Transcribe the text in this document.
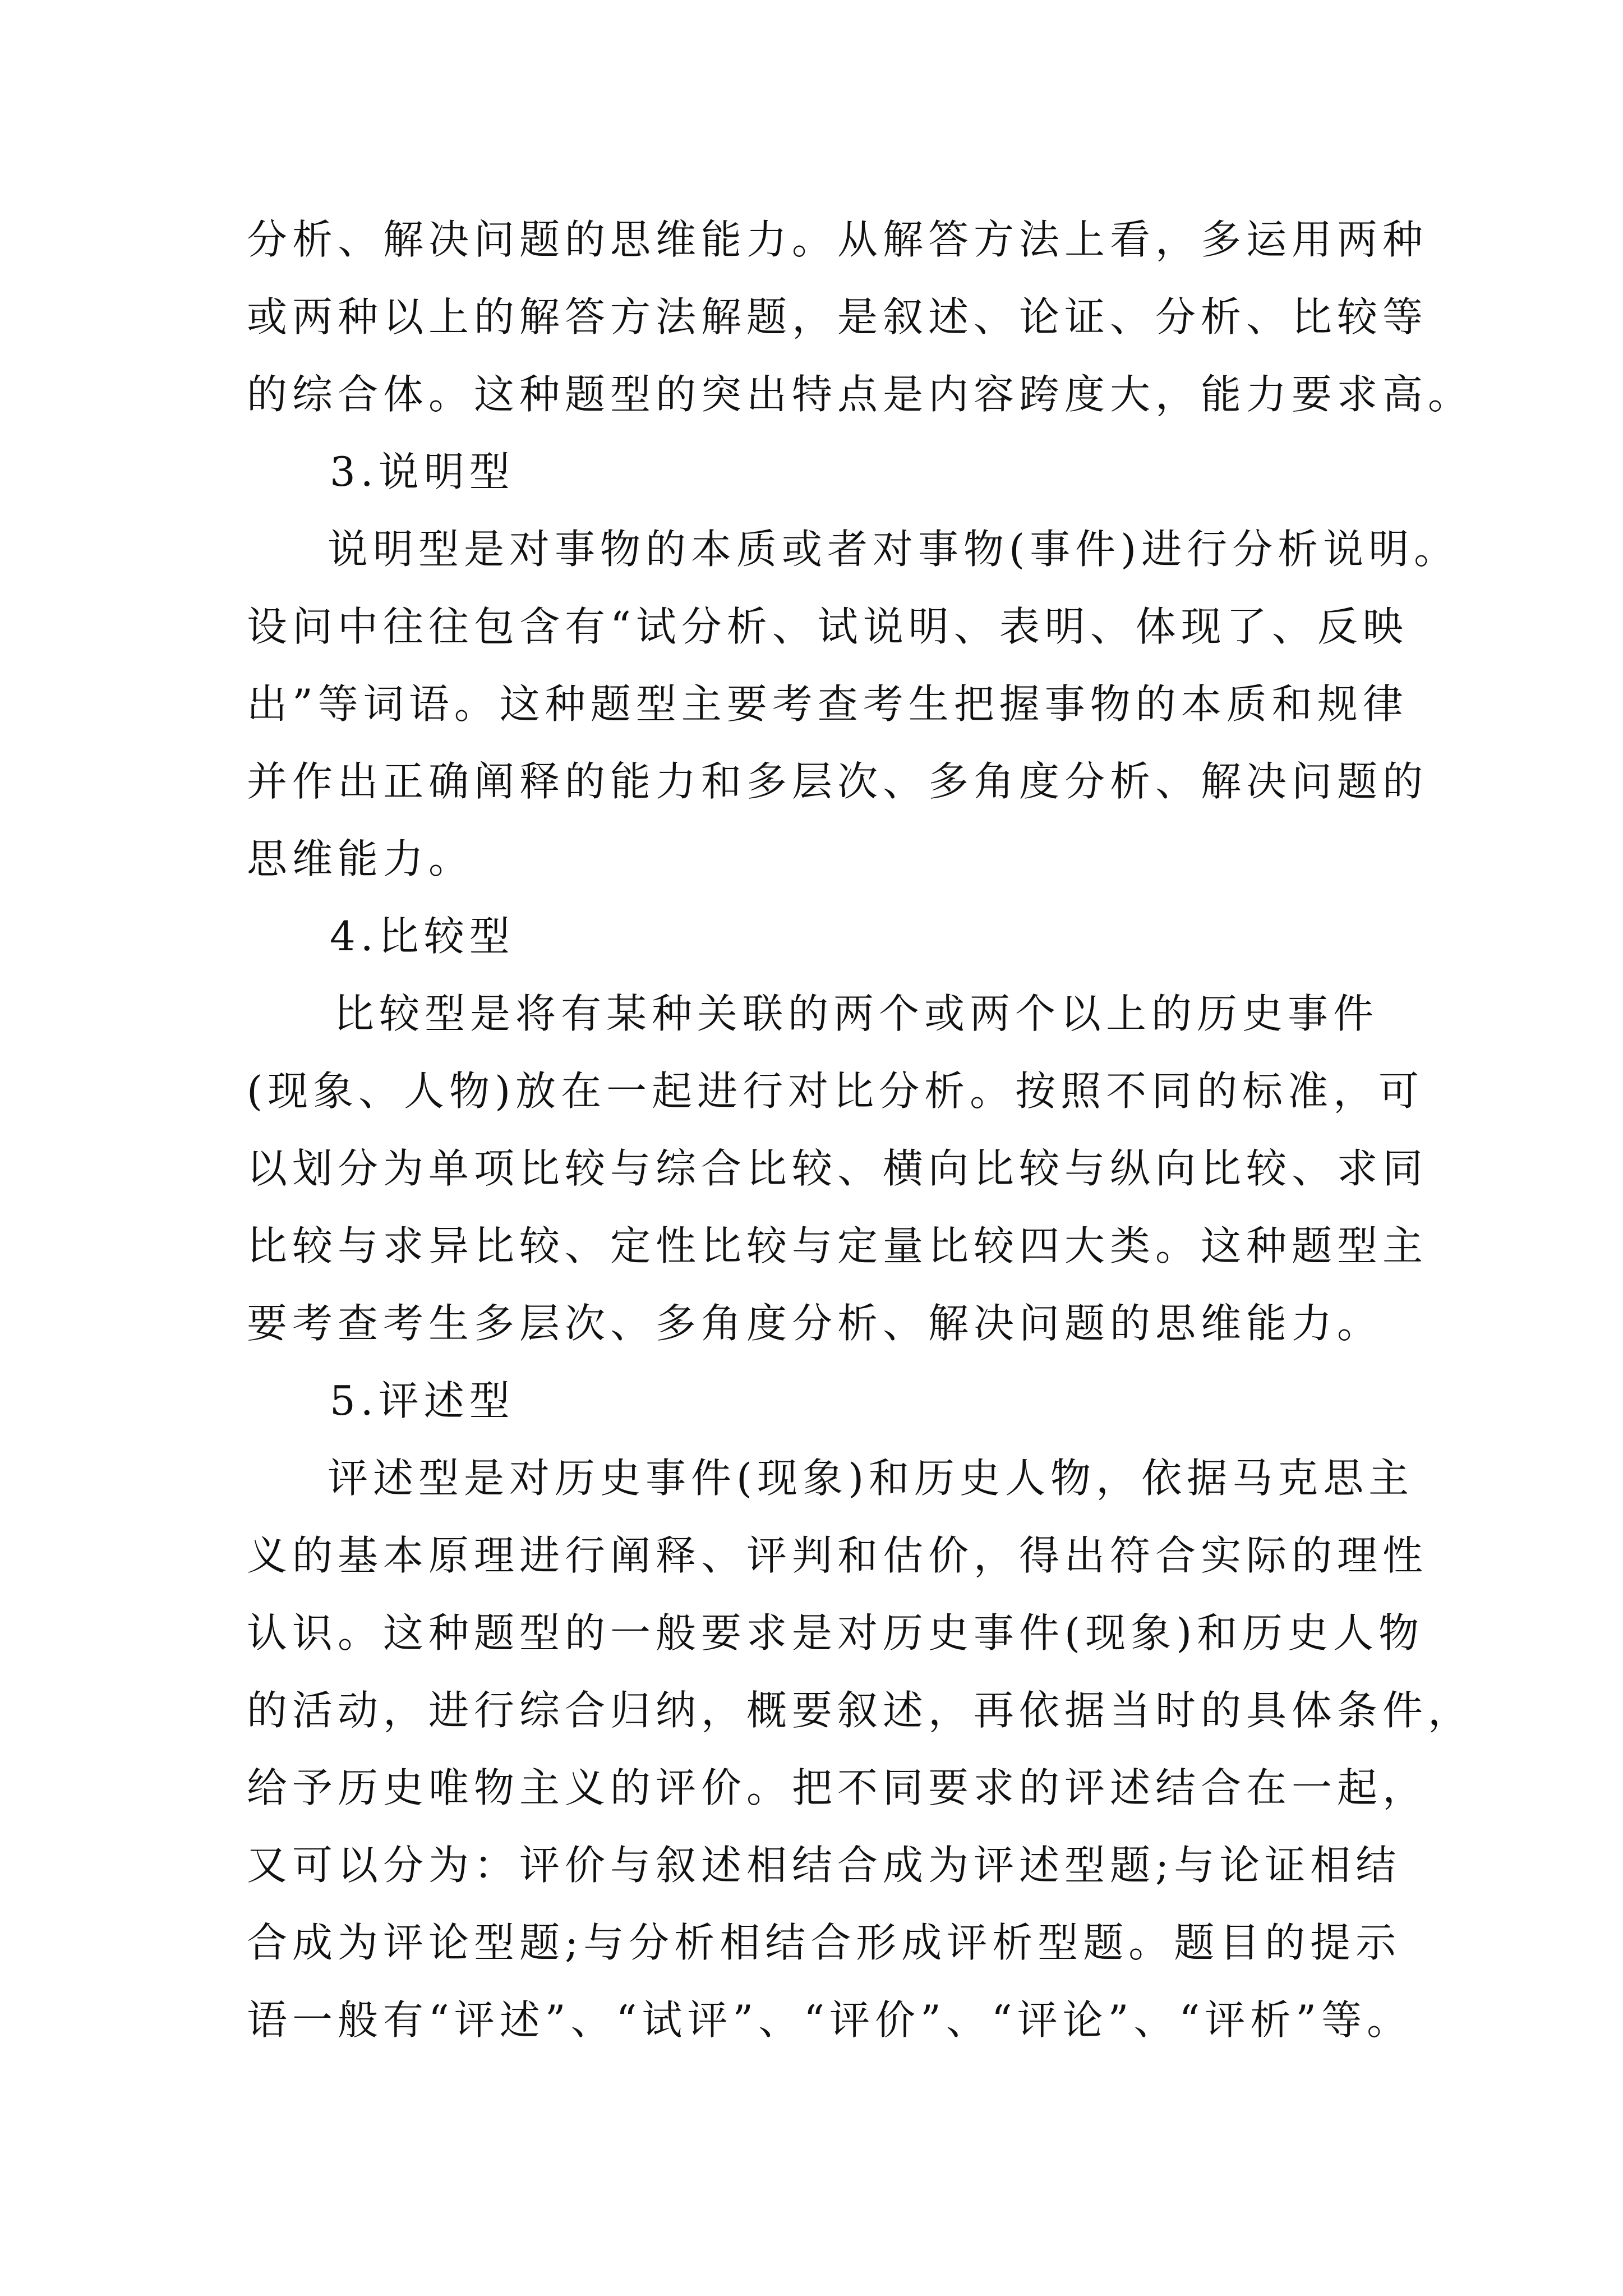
分析、解决问题的思维能力。从解答方法上看，多运用两种
或两种以上的解答方法解题，是叙述、论证、分析、比较等
的综合体。这种题型的突出特点是内容跨度大，能力要求高。
3.说明型
说明型是对事物的本质或者对事物(事件)进行分析说明。
设问中往往包含有“试分析、试说明、表明、体现了、反映
出”等词语。这种题型主要考查考生把握事物的本质和规律
并作出正确阐释的能力和多层次、多角度分析、解决问题的
思维能力。
4.比较型
比较型是将有某种关联的两个或两个以上的历史事件
(现象、人物)放在一起进行对比分析。按照不同的标准，可
以划分为单项比较与综合比较、横向比较与纵向比较、求同
比较与求异比较、定性比较与定量比较四大类。这种题型主
要考查考生多层次、多角度分析、解决问题的思维能力。
5.评述型
评述型是对历史事件(现象)和历史人物，依据马克思主
义的基本原理进行阐释、评判和估价，得出符合实际的理性
认识。这种题型的一般要求是对历史事件(现象)和历史人物
的活动，进行综合归纳，概要叙述，再依据当时的具体条件，
给予历史唯物主义的评价。把不同要求的评述结合在一起，
又可以分为：评价与叙述相结合成为评述型题;与论证相结
合成为评论型题;与分析相结合形成评析型题。题目的提示
语一般有“评述”、“试评”、“评价”、“评论”、“评析”等。
